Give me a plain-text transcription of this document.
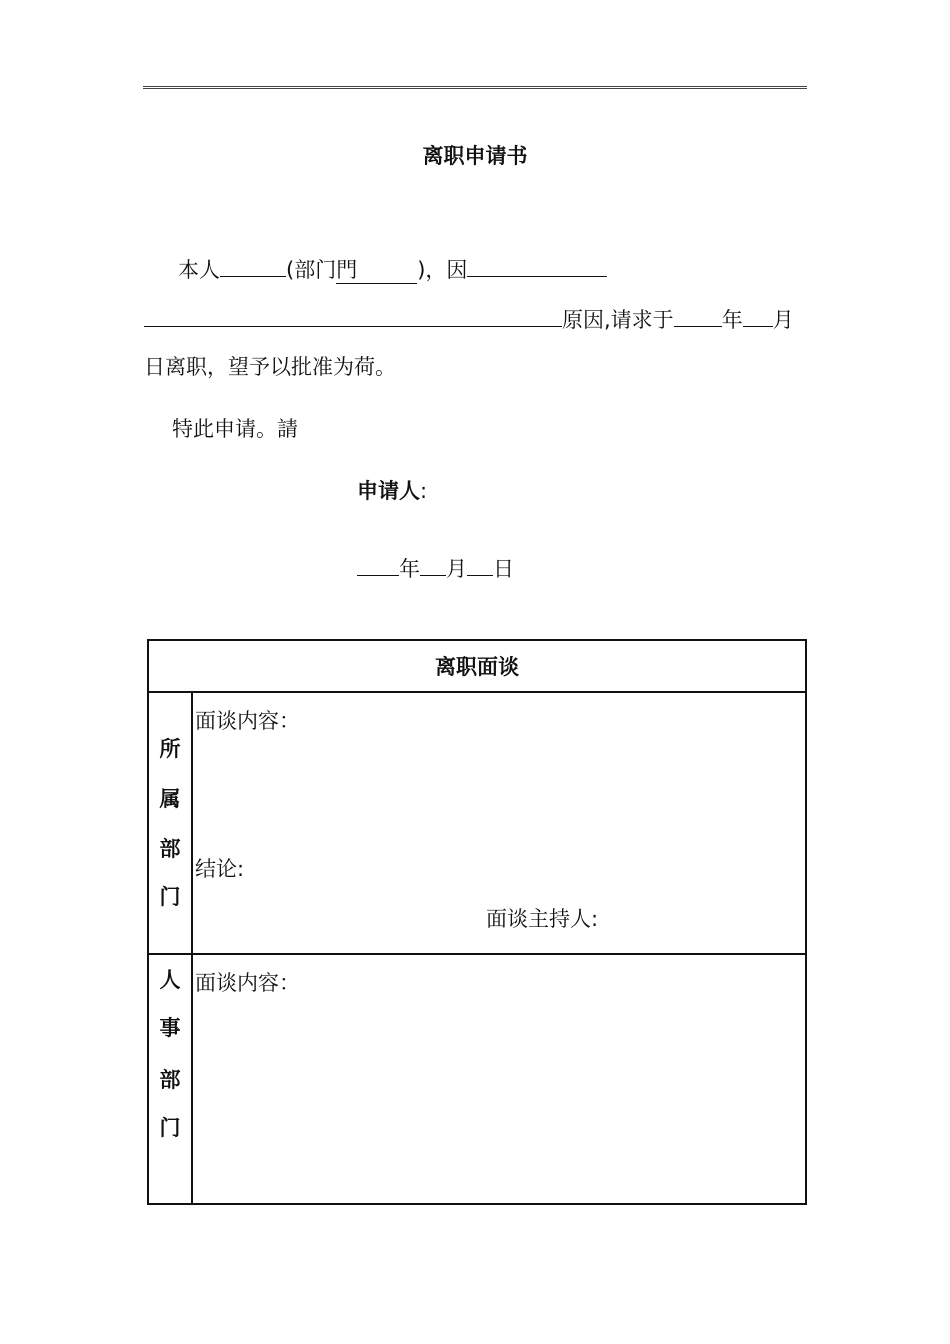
离职申请书
本人	(部门門	)，因
原因,请求于 年 月
日离职，望予以批准为荷。
特此申请。請
申请人:
年 月 日
离职面谈	

所
属
部
门	面谈内容：
结论:
面谈主持人:

人
事
部
门	面谈内容：
